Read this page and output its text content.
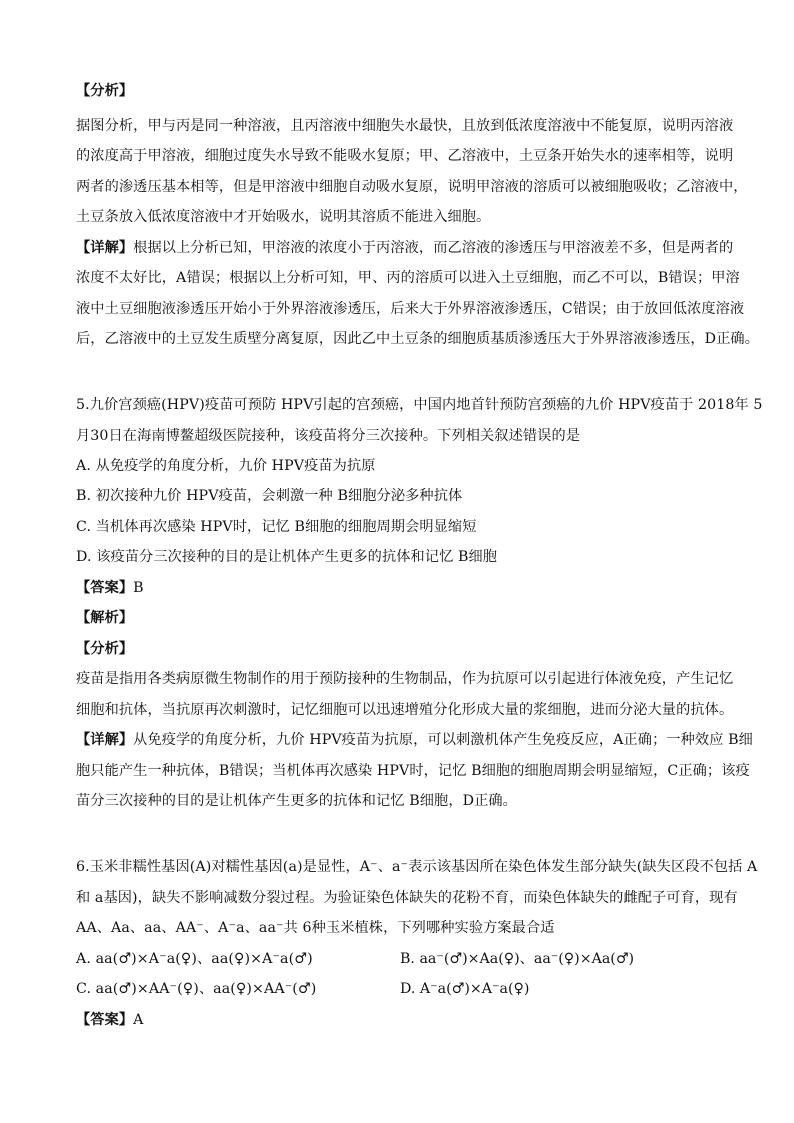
【分析】
据图分析，甲与丙是同一种溶液，且丙溶液中细胞失水最快，且放到低浓度溶液中不能复原，说明丙溶液
的浓度高于甲溶液，细胞过度失水导致不能吸水复原；甲、乙溶液中，土豆条开始失水的速率相等，说明
两者的渗透压基本相等，但是甲溶液中细胞自动吸水复原，说明甲溶液的溶质可以被细胞吸收；乙溶液中，
土豆条放入低浓度溶液中才开始吸水，说明其溶质不能进入细胞。
【详解】根据以上分析已知，甲溶液的浓度小于丙溶液，而乙溶液的渗透压与甲溶液差不多，但是两者的
浓度不太好比，A错误；根据以上分析可知，甲、丙的溶质可以进入土豆细胞，而乙不可以，B错误；甲溶
液中土豆细胞液渗透压开始小于外界溶液渗透压，后来大于外界溶液渗透压，C错误；由于放回低浓度溶液
后，乙溶液中的土豆发生质壁分离复原，因此乙中土豆条的细胞质基质渗透压大于外界溶液渗透压，D正确。
5.九价宫颈癌(HPV)疫苗可预防 HPV引起的宫颈癌，中国内地首针预防宫颈癌的九价 HPV疫苗于 2018年 5
月30日在海南博鳌超级医院接种，该疫苗将分三次接种。下列相关叙述错误的是
A. 从免疫学的角度分析，九价 HPV疫苗为抗原
B. 初次接种九价 HPV疫苗，会刺激一种 B细胞分泌多种抗体
C. 当机体再次感染 HPV时，记忆 B细胞的细胞周期会明显缩短
D. 该疫苗分三次接种的目的是让机体产生更多的抗体和记忆 B细胞
【答案】B
【解析】
【分析】
疫苗是指用各类病原微生物制作的用于预防接种的生物制品，作为抗原可以引起进行体液免疫，产生记忆
细胞和抗体，当抗原再次刺激时，记忆细胞可以迅速增殖分化形成大量的浆细胞，进而分泌大量的抗体。
【详解】从免疫学的角度分析，九价 HPV疫苗为抗原，可以刺激机体产生免疫反应，A正确；一种效应 B细
胞只能产生一种抗体，B错误；当机体再次感染 HPV时，记忆 B细胞的细胞周期会明显缩短，C正确；该疫
苗分三次接种的目的是让机体产生更多的抗体和记忆 B细胞，D正确。
6.玉米非糯性基因(A)对糯性基因(a)是显性，A⁻、a⁻表示该基因所在染色体发生部分缺失(缺失区段不包括 A
和 a基因)，缺失不影响减数分裂过程。为验证染色体缺失的花粉不育，而染色体缺失的雌配子可育，现有
AA、Aa、aa、AA⁻、A⁻a、aa⁻共 6种玉米植株，下列哪种实验方案最合适
A. aa(♂)×A⁻a(♀)、aa(♀)×A⁻a(♂)	B. aa⁻(♂)×Aa(♀)、aa⁻(♀)×Aa(♂)
C. aa(♂)×AA⁻(♀)、aa(♀)×AA⁻(♂)	D. A⁻a(♂)×A⁻a(♀)
【答案】A
